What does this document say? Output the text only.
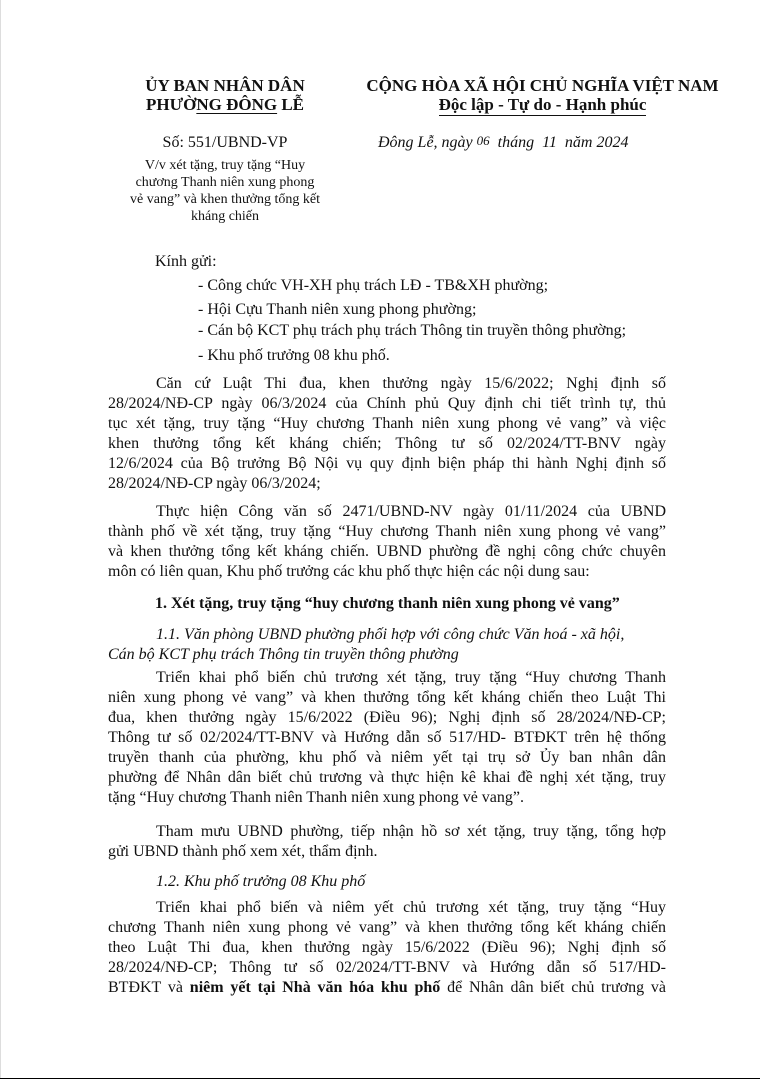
ỦY BAN NHÂN DÂN
PHƯỜNG ĐÔNG LỄ
CỘNG HÒA XÃ HỘI CHỦ NGHĨA VIỆT NAM
Độc lập - Tự do - Hạnh phúc
Số: 551/UBND-VP
V/v xét tặng, truy tặng “Huy
chương Thanh niên xung phong
vẻ vang” và khen thưởng tổng kết
kháng chiến
Đông Lễ, ngày 06  tháng  11  năm 2024
Kính gửi:
- Công chức VH-XH phụ trách LĐ - TB&XH phường;
- Hội Cựu Thanh niên xung phong phường;
- Cán bộ KCT phụ trách phụ trách Thông tin truyền thông phường;
- Khu phố trưởng 08 khu phố.
Căn cứ Luật Thi đua, khen thưởng ngày 15/6/2022; Nghị định số
28/2024/NĐ-CP ngày 06/3/2024 của Chính phủ Quy định chi tiết trình tự, thủ
tục xét tặng, truy tặng “Huy chương Thanh niên xung phong vẻ vang” và việc
khen thưởng tổng kết kháng chiến; Thông tư số 02/2024/TT-BNV ngày
12/6/2024 của Bộ trưởng Bộ Nội vụ quy định biện pháp thi hành Nghị định số
28/2024/NĐ-CP ngày 06/3/2024;
Thực hiện Công văn số 2471/UBND-NV ngày 01/11/2024 của UBND
thành phố về xét tặng, truy tặng “Huy chương Thanh niên xung phong vẻ vang”
và khen thưởng tổng kết kháng chiến. UBND phường đề nghị công chức chuyên
môn có liên quan, Khu phố trưởng các khu phố thực hiện các nội dung sau:
1. Xét tặng, truy tặng “huy chương thanh niên xung phong vẻ vang”
1.1. Văn phòng UBND phường phối hợp với công chức Văn hoá - xã hội,
Cán bộ KCT phụ trách Thông tin truyền thông phường
Triển khai phổ biến chủ trương xét tặng, truy tặng “Huy chương Thanh
niên xung phong vẻ vang” và khen thưởng tổng kết kháng chiến theo Luật Thi
đua, khen thưởng ngày 15/6/2022 (Điều 96); Nghị định số 28/2024/NĐ-CP;
Thông tư số 02/2024/TT-BNV và Hướng dẫn số 517/HD- BTĐKT trên hệ thống
truyền thanh của phường, khu phố và niêm yết tại trụ sở Ủy ban nhân dân
phường để Nhân dân biết chủ trương và thực hiện kê khai đề nghị xét tặng, truy
tặng “Huy chương Thanh niên Thanh niên xung phong vẻ vang”.
Tham mưu UBND phường, tiếp nhận hồ sơ xét tặng, truy tặng, tổng hợp
gửi UBND thành phố xem xét, thẩm định.
1.2. Khu phố trưởng 08 Khu phố
Triển khai phổ biến và niêm yết chủ trương xét tặng, truy tặng “Huy
chương Thanh niên xung phong vẻ vang” và khen thưởng tổng kết kháng chiến
theo Luật Thi đua, khen thưởng ngày 15/6/2022 (Điều 96); Nghị định số
28/2024/NĐ-CP; Thông tư số 02/2024/TT-BNV và Hướng dẫn số 517/HD-
BTĐKT và niêm yết tại Nhà văn hóa khu phố để Nhân dân biết chủ trương và
